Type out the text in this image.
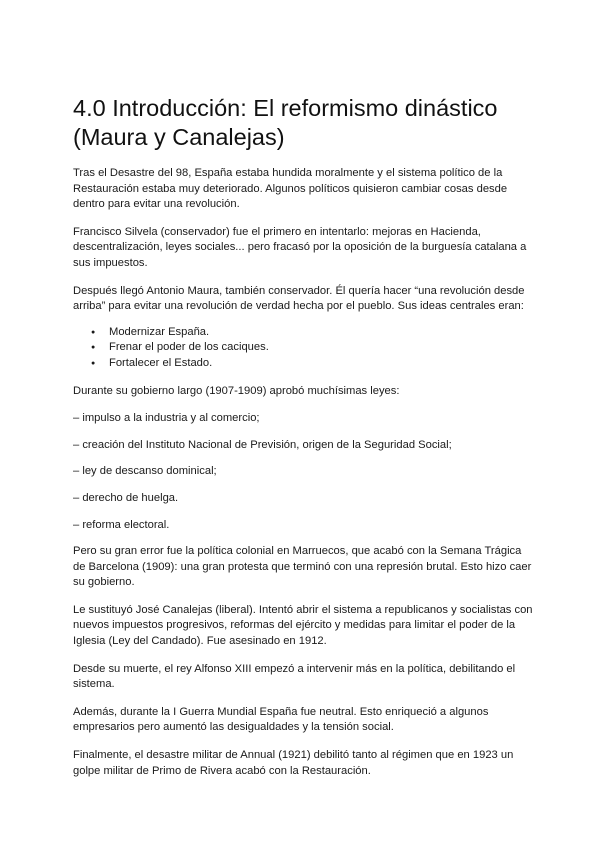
4.0 Introducción: El reformismo dinástico (Maura y Canalejas)

Tras el Desastre del 98, España estaba hundida moralmente y el sistema político de la Restauración estaba muy deteriorado. Algunos políticos quisieron cambiar cosas desde dentro para evitar una revolución.

Francisco Silvela (conservador) fue el primero en intentarlo: mejoras en Hacienda, descentralización, leyes sociales... pero fracasó por la oposición de la burguesía catalana a sus impuestos.

Después llegó Antonio Maura, también conservador. Él quería hacer “una revolución desde arriba” para evitar una revolución de verdad hecha por el pueblo. Sus ideas centrales eran:

● Modernizar España.
● Frenar el poder de los caciques.
● Fortalecer el Estado.

Durante su gobierno largo (1907-1909) aprobó muchísimas leyes:

– impulso a la industria y al comercio;

– creación del Instituto Nacional de Previsión, origen de la Seguridad Social;

– ley de descanso dominical;

– derecho de huelga.

– reforma electoral.

Pero su gran error fue la política colonial en Marruecos, que acabó con la Semana Trágica de Barcelona (1909): una gran protesta que terminó con una represión brutal. Esto hizo caer su gobierno.

Le sustituyó José Canalejas (liberal). Intentó abrir el sistema a republicanos y socialistas con nuevos impuestos progresivos, reformas del ejército y medidas para limitar el poder de la Iglesia (Ley del Candado). Fue asesinado en 1912.

Desde su muerte, el rey Alfonso XIII empezó a intervenir más en la política, debilitando el sistema.

Además, durante la I Guerra Mundial España fue neutral. Esto enriqueció a algunos empresarios pero aumentó las desigualdades y la tensión social.

Finalmente, el desastre militar de Annual (1921) debilitó tanto al régimen que en 1923 un golpe militar de Primo de Rivera acabó con la Restauración.
